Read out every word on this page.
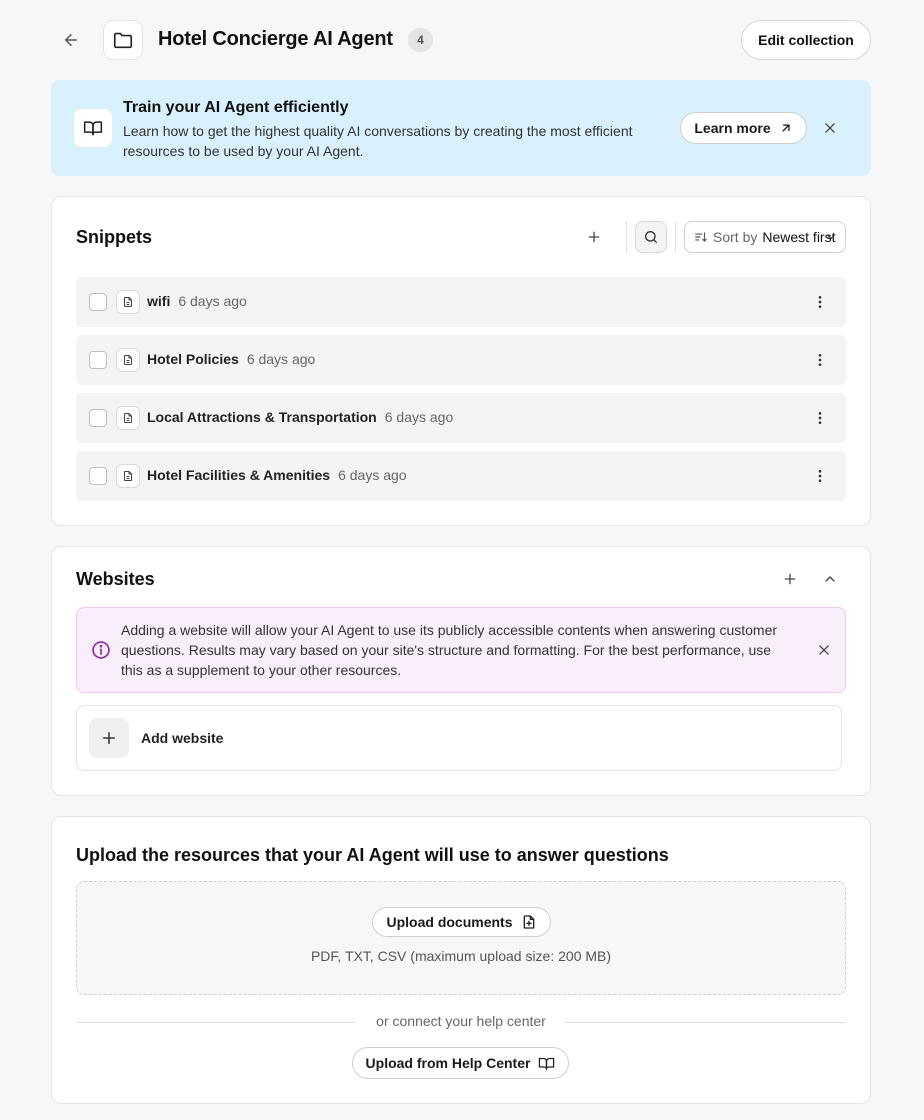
Hotel Concierge AI Agent	4	Edit collection
Train your AI Agent efficiently
Learn how to get the highest quality AI conversations by creating the most efficient resources to be used by your AI Agent.
Learn more
Snippets	Sort by Newest first
wifi 6 days ago
Hotel Policies 6 days ago
Local Attractions & Transportation 6 days ago
Hotel Facilities & Amenities 6 days ago
Websites
Adding a website will allow your AI Agent to use its publicly accessible contents when answering customer questions. Results may vary based on your site's structure and formatting. For the best performance, use this as a supplement to your other resources.
Add website
Upload the resources that your AI Agent will use to answer questions
Upload documents
PDF, TXT, CSV (maximum upload size: 200 MB)
or connect your help center
Upload from Help Center
